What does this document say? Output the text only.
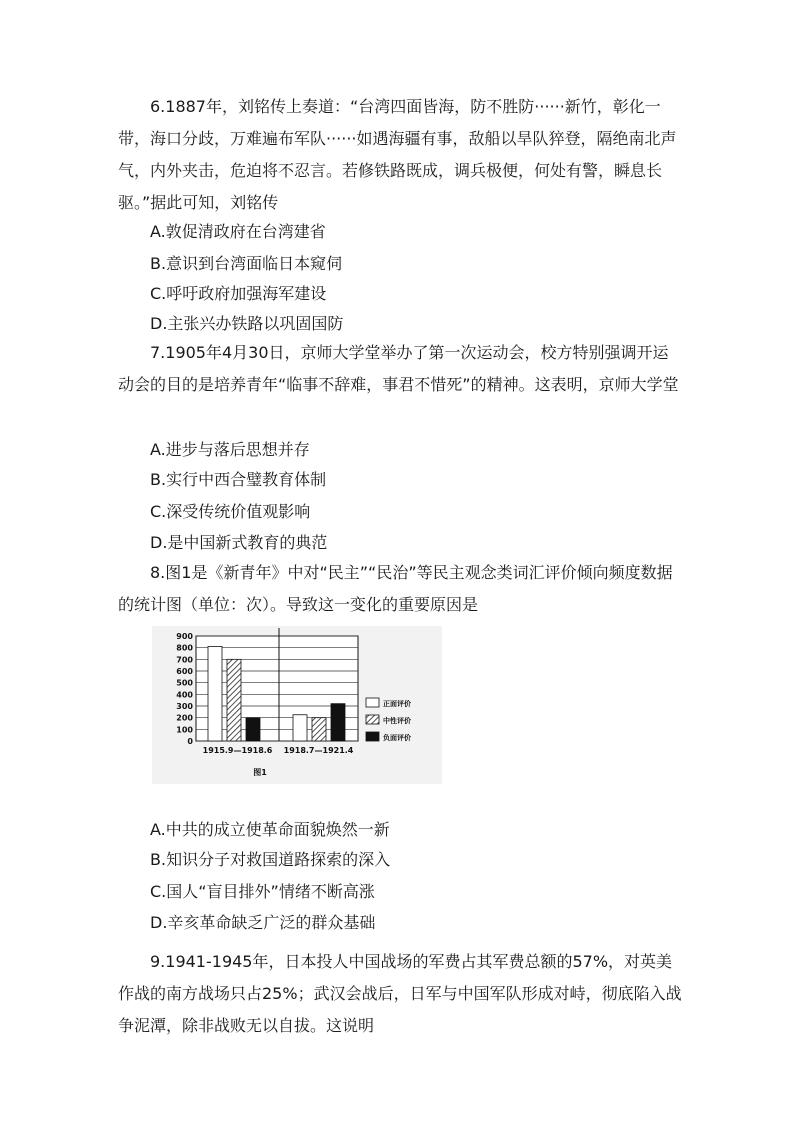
6.1887年，刘铭传上奏道：“台湾四面皆海，防不胜防······新竹，彰化一带，海口分歧，万难遍布军队······如遇海疆有事，敌船以旱队猝登，隔绝南北声气，内外夹击，危迫将不忍言。若修铁路既成，调兵极便，何处有警，瞬息长驱。”据此可知，刘铭传

A.敦促清政府在台湾建省

B.意识到台湾面临日本窥伺

C.呼吁政府加强海军建设

D.主张兴办铁路以巩固国防

7.1905年4月30日，京师大学堂举办了第一次运动会，校方特别强调开运动会的目的是培养青年“临事不辞难，事君不惜死”的精神。这表明，京师大学堂

A.进步与落后思想并存

B.实行中西合璧教育体制

C.深受传统价值观影响

D.是中国新式教育的典范

8.图1是《新青年》中对“民主”“民治”等民主观念类词汇评价倾向频度数据的统计图（单位：次）。导致这一变化的重要原因是

0
100
200
300
400
500
600
700
800
900
1915.9—1918.6 1918.7—1921.4
正面评价
中性评价
负面评价
图1

A.中共的成立使革命面貌焕然一新

B.知识分子对救国道路探索的深入

C.国人“盲目排外”情绪不断高涨

D.辛亥革命缺乏广泛的群众基础

9.1941-1945年，日本投人中国战场的军费占其军费总额的57%，对英美作战的南方战场只占25%；武汉会战后，日军与中国军队形成对峙，彻底陷入战争泥潭，除非战败无以自拔。这说明
